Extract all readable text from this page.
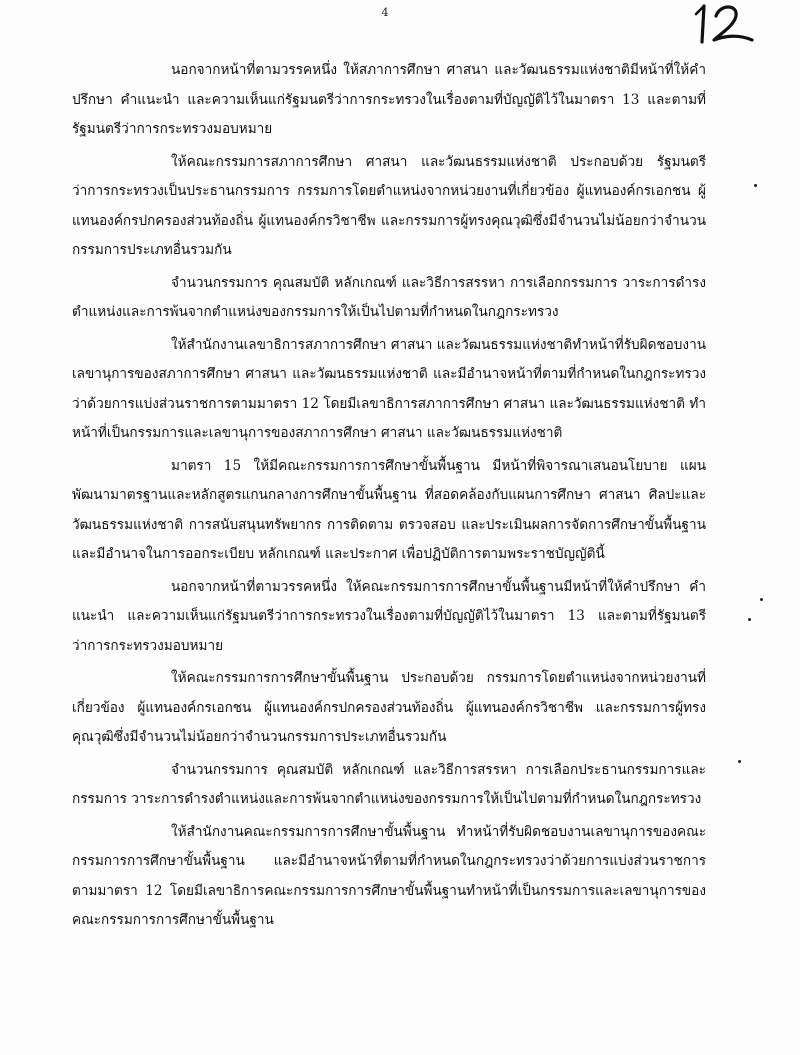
4

นอกจากหน้าที่ตามวรรคหนึ่ง ให้สภาการศึกษา ศาสนา และวัฒนธรรมแห่งชาติมีหน้าที่ให้คำปรึกษา คำแนะนำ และความเห็นแก่รัฐมนตรีว่าการกระทรวงในเรื่องตามที่บัญญัติไว้ในมาตรา 13 และตามที่รัฐมนตรีว่าการกระทรวงมอบหมาย

ให้คณะกรรมการสภาการศึกษา ศาสนา และวัฒนธรรมแห่งชาติ ประกอบด้วย รัฐมนตรีว่าการกระทรวงเป็นประธานกรรมการ กรรมการโดยตำแหน่งจากหน่วยงานที่เกี่ยวข้อง ผู้แทนองค์กรเอกชน ผู้แทนองค์กรปกครองส่วนท้องถิ่น ผู้แทนองค์กรวิชาชีพ และกรรมการผู้ทรงคุณวุฒิซึ่งมีจำนวนไม่น้อยกว่าจำนวนกรรมการประเภทอื่นรวมกัน

จำนวนกรรมการ คุณสมบัติ หลักเกณฑ์ และวิธีการสรรหา การเลือกกรรมการ วาระการดำรงตำแหน่งและการพ้นจากตำแหน่งของกรรมการให้เป็นไปตามที่กำหนดในกฎกระทรวง

ให้สำนักงานเลขาธิการสภาการศึกษา ศาสนา และวัฒนธรรมแห่งชาติทำหน้าที่รับผิดชอบงานเลขานุการของสภาการศึกษา ศาสนา และวัฒนธรรมแห่งชาติ และมีอำนาจหน้าที่ตามที่กำหนดในกฎกระทรวงว่าด้วยการแบ่งส่วนราชการตามมาตรา 12 โดยมีเลขาธิการสภาการศึกษา ศาสนา และวัฒนธรรมแห่งชาติ ทำหน้าที่เป็นกรรมการและเลขานุการของสภาการศึกษา ศาสนา และวัฒนธรรมแห่งชาติ

มาตรา 15 ให้มีคณะกรรมการการศึกษาขั้นพื้นฐาน มีหน้าที่พิจารณาเสนอนโยบาย แผนพัฒนามาตรฐานและหลักสูตรแกนกลางการศึกษาขั้นพื้นฐาน ที่สอดคล้องกับแผนการศึกษา ศาสนา ศิลปะและวัฒนธรรมแห่งชาติ การสนับสนุนทรัพยากร การติดตาม ตรวจสอบ และประเมินผลการจัดการศึกษาขั้นพื้นฐาน และมีอำนาจในการออกระเบียบ หลักเกณฑ์ และประกาศ เพื่อปฏิบัติการตามพระราชบัญญัตินี้

นอกจากหน้าที่ตามวรรคหนึ่ง ให้คณะกรรมการการศึกษาขั้นพื้นฐานมีหน้าที่ให้คำปรึกษา คำแนะนำ และความเห็นแก่รัฐมนตรีว่าการกระทรวงในเรื่องตามที่บัญญัติไว้ในมาตรา 13 และตามที่รัฐมนตรีว่าการกระทรวงมอบหมาย

ให้คณะกรรมการการศึกษาขั้นพื้นฐาน ประกอบด้วย กรรมการโดยตำแหน่งจากหน่วยงานที่เกี่ยวข้อง ผู้แทนองค์กรเอกชน ผู้แทนองค์กรปกครองส่วนท้องถิ่น ผู้แทนองค์กรวิชาชีพ และกรรมการผู้ทรงคุณวุฒิซึ่งมีจำนวนไม่น้อยกว่าจำนวนกรรมการประเภทอื่นรวมกัน

จำนวนกรรมการ คุณสมบัติ หลักเกณฑ์ และวิธีการสรรหา การเลือกประธานกรรมการและกรรมการ วาระการดำรงตำแหน่งและการพ้นจากตำแหน่งของกรรมการให้เป็นไปตามที่กำหนดในกฎกระทรวง

ให้สำนักงานคณะกรรมการการศึกษาขั้นพื้นฐาน ทำหน้าที่รับผิดชอบงานเลขานุการของคณะกรรมการการศึกษาขั้นพื้นฐาน และมีอำนาจหน้าที่ตามที่กำหนดในกฎกระทรวงว่าด้วยการแบ่งส่วนราชการตามมาตรา 12 โดยมีเลขาธิการคณะกรรมการการศึกษาขั้นพื้นฐานทำหน้าที่เป็นกรรมการและเลขานุการของคณะกรรมการการศึกษาขั้นพื้นฐาน
